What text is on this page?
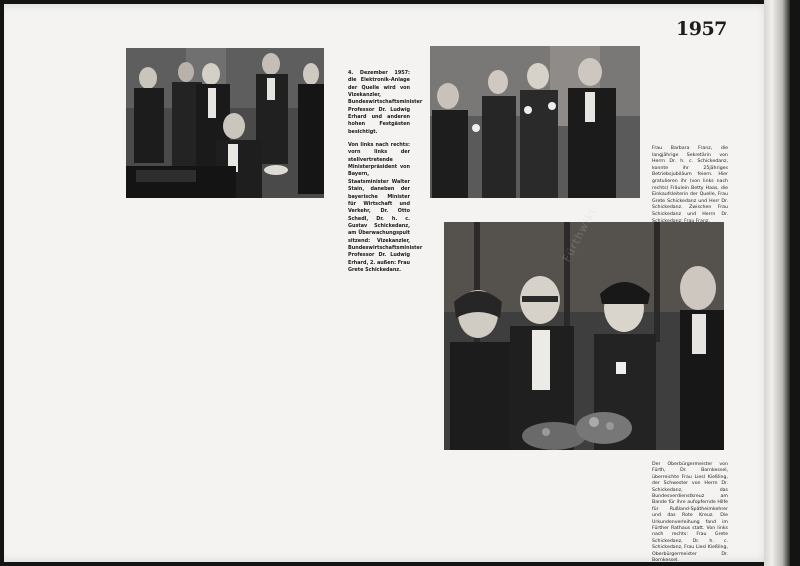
1957

4. Dezember 1957: die Elektronik-Anlage der Quelle wird von Vizekanzler, Bundeswirtschaftsminister Professor Dr. Ludwig Erhard und anderen hohen Festgästen besichtigt.

Von links nach rechts: vorn links der stellvertretende Ministerpräsident von Bayern, Staatsminister Walter Stain, daneben der bayerische Minister für Wirtschaft und Verkehr, Dr. Otto Schedl, Dr. h. c. Gustav Schickedanz, am Überwachungspult sitzend: Vizekanzler, Bundeswirtschaftsminister Professor Dr. Ludwig Erhard, 2. außen: Frau Grete Schickedanz.

Frau Barbara Franz, die langjährige Sekretärin von Herrn Dr. h. c. Schickedanz, konnte ihr 25jähriges Betriebsjubiläum feiern. Hier gratulieren ihr (von links nach rechts) Fräulein Betty Haas, die Einkaufsleiterin der Quelle, Frau Grete Schickedanz und Herr Dr. Schickedanz. Zwischen Frau Schickedanz und Herrn Dr.
Der Oberbürgermeister von Fürth, Dr. Bornkessel, überreichte Frau Liesl Kießling, der Schwester von Herrn Dr. Schickedanz, das Bundesverdienstkreuz am Bande für ihre aufopfernde Hilfe für Rußland-Spätheimkehrer und das Rote Kreuz. Die Urkundenverleihung fand im Fürther Rathaus statt. Von links nach rechts: Frau Grete Schickedanz, Dr. h. c. Schickedanz, Frau Liesl Kießling, Oberbürgermeister Dr. Bornkessel.
Fürthwiki
